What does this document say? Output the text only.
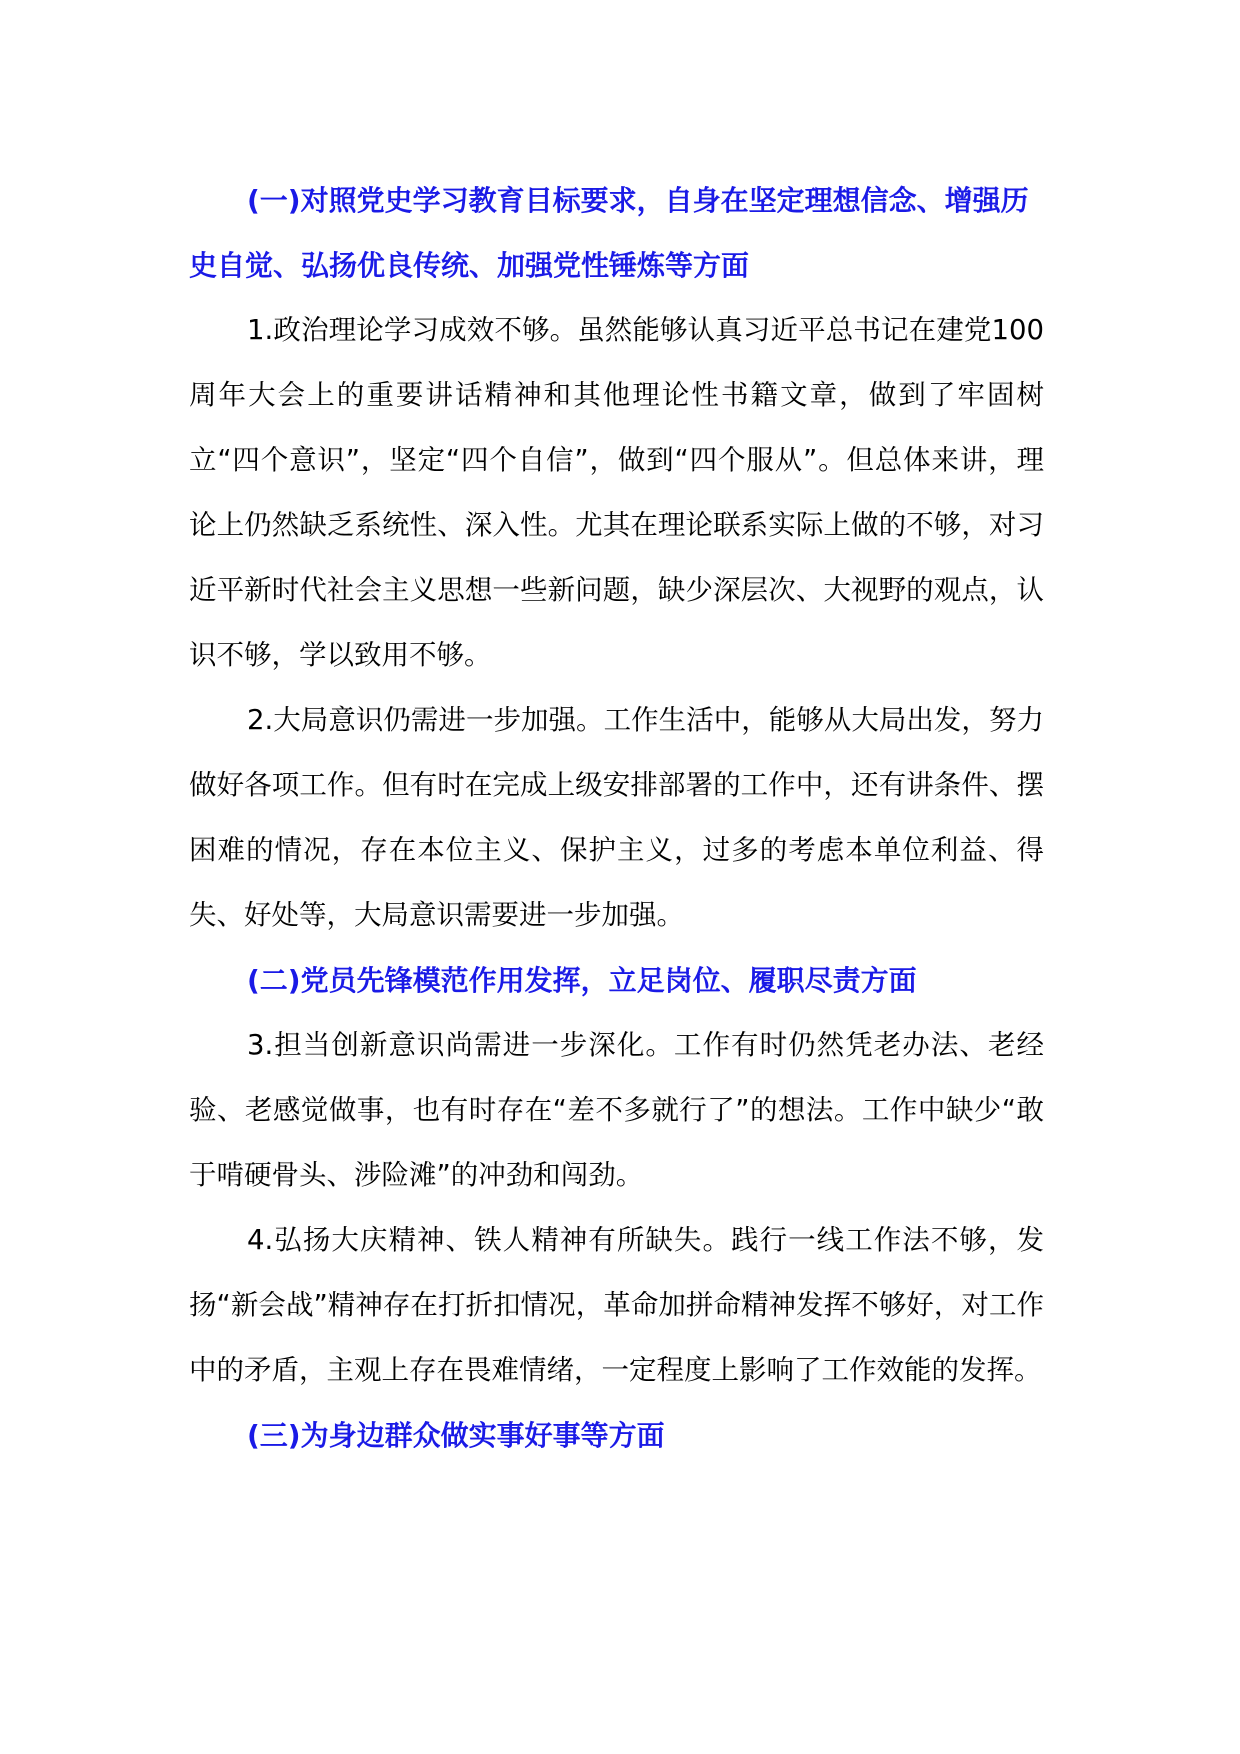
(一)对照党史学习教育目标要求，自身在坚定理想信念、增强历史自觉、弘扬优良传统、加强党性锤炼等方面

1.政治理论学习成效不够。虽然能够认真习近平总书记在建党100周年大会上的重要讲话精神和其他理论性书籍文章，做到了牢固树立“四个意识”，坚定“四个自信”，做到“四个服从”。但总体来讲，理论上仍然缺乏系统性、深入性。尤其在理论联系实际上做的不够，对习近平新时代社会主义思想一些新问题，缺少深层次、大视野的观点，认识不够，学以致用不够。

2.大局意识仍需进一步加强。工作生活中，能够从大局出发，努力做好各项工作。但有时在完成上级安排部署的工作中，还有讲条件、摆困难的情况，存在本位主义、保护主义，过多的考虑本单位利益、得失、好处等，大局意识需要进一步加强。

(二)党员先锋模范作用发挥，立足岗位、履职尽责方面

3.担当创新意识尚需进一步深化。工作有时仍然凭老办法、老经验、老感觉做事，也有时存在“差不多就行了”的想法。工作中缺少“敢于啃硬骨头、涉险滩”的冲劲和闯劲。

4.弘扬大庆精神、铁人精神有所缺失。践行一线工作法不够，发扬“新会战”精神存在打折扣情况，革命加拼命精神发挥不够好，对工作中的矛盾，主观上存在畏难情绪，一定程度上影响了工作效能的发挥。

(三)为身边群众做实事好事等方面
